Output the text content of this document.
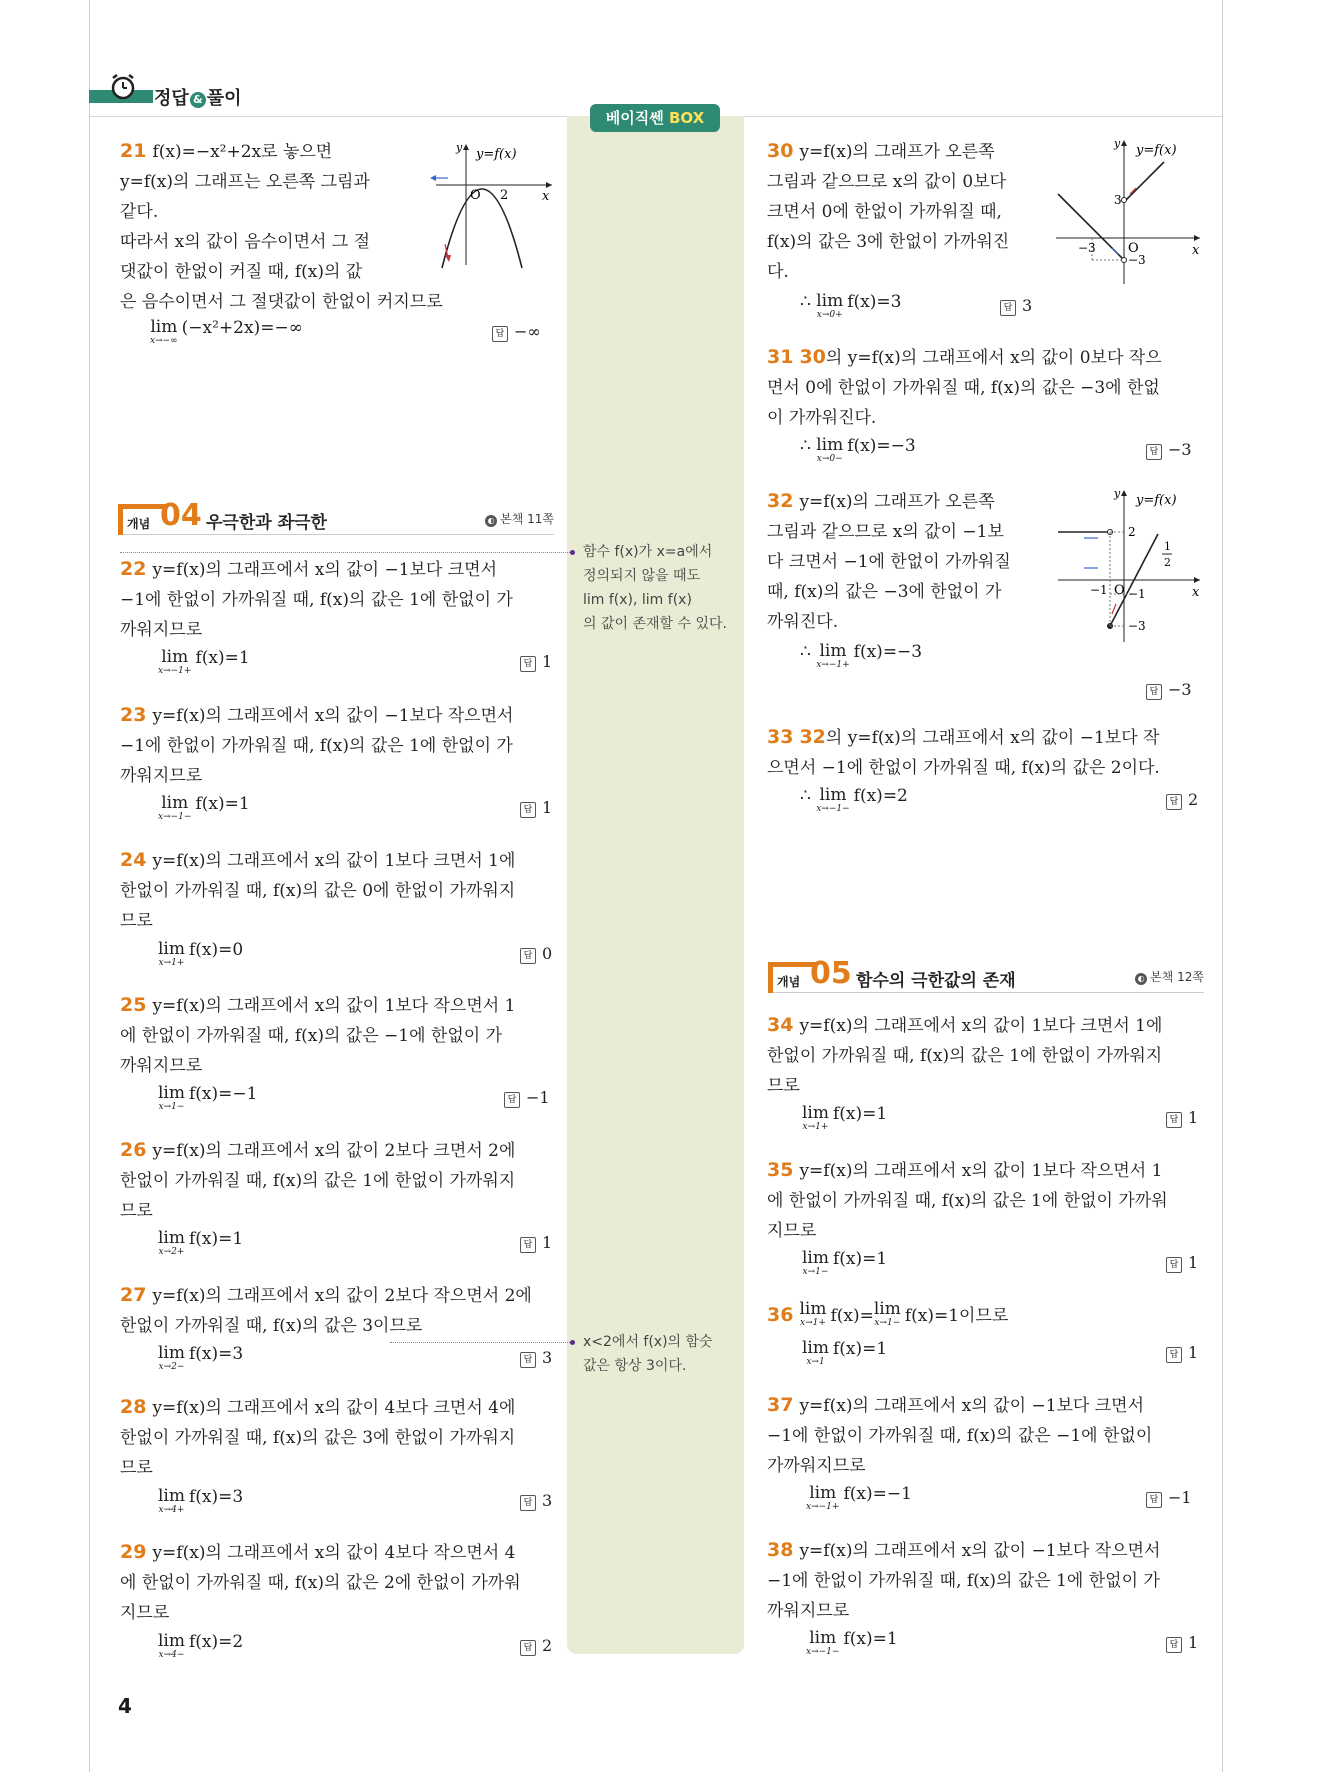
정답 & 풀이
베이직쎈 BOX
함수 f(x)가 x=a에서
정의되지 않을 때도
lim f(x), lim f(x)
의 값이 존재할 수 있다.
x<2에서 f(x)의 함숫
값은 항상 3이다.
21 f(x)=−x²+2x로 놓으면
y=f(x)의 그래프는 오른쪽 그림과
같다.
따라서 x의 값이 음수이면서 그 절
댓값이 한없이 커질 때, f(x)의 값
은 음수이면서 그 절댓값이 한없이 커지므로
lim
x→−∞
(−x²+2x)=−∞	답 −∞
y y=f(x)
x
O 2
개념 04 우극한과 좌극한	◐ 본책 11쪽
22 y=f(x)의 그래프에서 x의 값이 −1보다 크면서
−1에 한없이 가까워질 때, f(x)의 값은 1에 한없이 가
까워지므로
lim
x→−1+
f(x)=1	답 1
23 y=f(x)의 그래프에서 x의 값이 −1보다 작으면서
−1에 한없이 가까워질 때, f(x)의 값은 1에 한없이 가
까워지므로
lim
x→−1−
f(x)=1	답 1
24 y=f(x)의 그래프에서 x의 값이 1보다 크면서 1에
한없이 가까워질 때, f(x)의 값은 0에 한없이 가까워지
므로
lim
x→1+
f(x)=0	답 0
25 y=f(x)의 그래프에서 x의 값이 1보다 작으면서 1
에 한없이 가까워질 때, f(x)의 값은 −1에 한없이 가
까워지므로
lim
x→1−
f(x)=−1	답 −1
26 y=f(x)의 그래프에서 x의 값이 2보다 크면서 2에
한없이 가까워질 때, f(x)의 값은 1에 한없이 가까워지
므로
lim
x→2+
f(x)=1	답 1
27 y=f(x)의 그래프에서 x의 값이 2보다 작으면서 2에
한없이 가까워질 때, f(x)의 값은 3이므로
lim
x→2−
f(x)=3	답 3
28 y=f(x)의 그래프에서 x의 값이 4보다 크면서 4에
한없이 가까워질 때, f(x)의 값은 3에 한없이 가까워지
므로
lim
x→4+
f(x)=3	답 3
29 y=f(x)의 그래프에서 x의 값이 4보다 작으면서 4
에 한없이 가까워질 때, f(x)의 값은 2에 한없이 가까워
지므로
lim
x→4−
f(x)=2	답 2
30 y=f(x)의 그래프가 오른쪽
그림과 같으므로 x의 값이 0보다
크면서 0에 한없이 가까워질 때,
f(x)의 값은 3에 한없이 가까워진
다.
∴ lim
x→0+
f(x)=3	답 3
y y=f(x)
x
O
3
−3
−3
31 30의 y=f(x)의 그래프에서 x의 값이 0보다 작으
면서 0에 한없이 가까워질 때, f(x)의 값은 −3에 한없
이 가까워진다.
∴ lim
x→0−
f(x)=−3	답 −3
32 y=f(x)의 그래프가 오른쪽
그림과 같으므로 x의 값이 −1보
다 크면서 −1에 한없이 가까워질
때, f(x)의 값은 −3에 한없이 가
까워진다.
∴ lim
x→−1+
f(x)=−3
답 −3
y y=f(x)
x
O
2
−1 −1
−3
1
2
33 32의 y=f(x)의 그래프에서 x의 값이 −1보다 작
으면서 −1에 한없이 가까워질 때, f(x)의 값은 2이다.
∴ lim
x→−1−
f(x)=2	답 2
개념 05 함수의 극한값의 존재	◐ 본책 12쪽
34 y=f(x)의 그래프에서 x의 값이 1보다 크면서 1에
한없이 가까워질 때, f(x)의 값은 1에 한없이 가까워지
므로
lim
x→1+
f(x)=1	답 1
35 y=f(x)의 그래프에서 x의 값이 1보다 작으면서 1
에 한없이 가까워질 때, f(x)의 값은 1에 한없이 가까워
지므로
lim
x→1−
f(x)=1	답 1
36 lim
x→1+ f(x)=lim
x→1− f(x)=1이므로
lim
x→1
f(x)=1	답 1
37 y=f(x)의 그래프에서 x의 값이 −1보다 크면서
−1에 한없이 가까워질 때, f(x)의 값은 −1에 한없이
가까워지므로
lim
x→−1+
f(x)=−1	답 −1
38 y=f(x)의 그래프에서 x의 값이 −1보다 작으면서
−1에 한없이 가까워질 때, f(x)의 값은 1에 한없이 가
까워지므로
lim
x→−1−
f(x)=1	답 1
4
